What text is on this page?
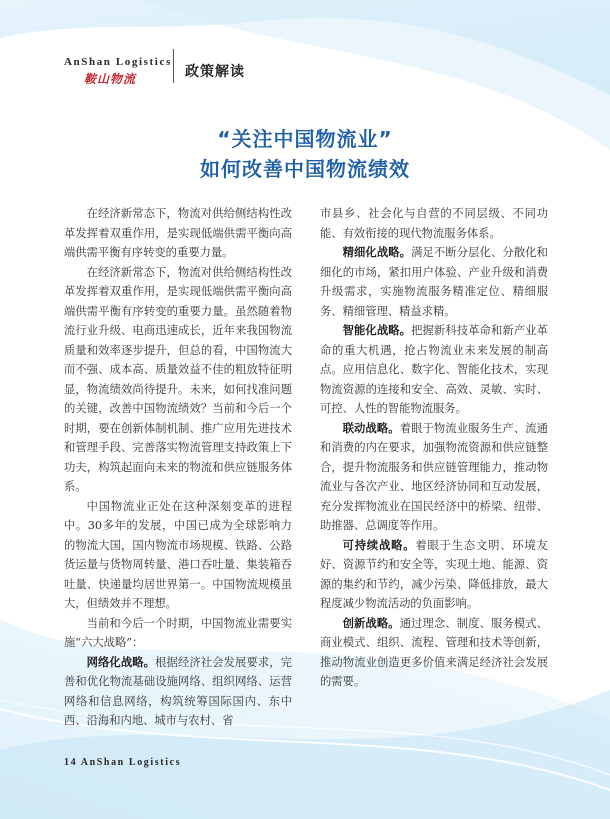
AnShan Logistics
鞍山物流	政策解读
“关注中国物流业”
如何改善中国物流绩效

在经济新常态下，物流对供给侧结构性改革发挥着双重作用，是实现低端供需平衡向高端供需平衡有序转变的重要力量。

在经济新常态下，物流对供给侧结构性改革发挥着双重作用，是实现低端供需平衡向高端供需平衡有序转变的重要力量。虽然随着物流行业升级、电商迅速成长，近年来我国物流质量和效率逐步提升，但总的看，中国物流大而不强、成本高、质量效益不佳的粗放特征明显，物流绩效尚待提升。未来，如何找准问题的关键，改善中国物流绩效？当前和今后一个时期，要在创新体制机制、推广应用先进技术和管理手段、完善落实物流管理支持政策上下功夫，构筑起面向未来的物流和供应链服务体系。

中国物流业正处在这种深刻变革的进程中。30多年的发展，中国已成为全球影响力的物流大国，国内物流市场规模、铁路、公路货运量与货物周转量、港口吞吐量、集装箱吞吐量、快递量均居世界第一。中国物流规模虽大，但绩效并不理想。

当前和今后一个时期，中国物流业需要实施“六大战略”：

网络化战略。根据经济社会发展要求，完善和优化物流基础设施网络、组织网络、运营网络和信息网络，构筑统筹国际国内、东中西、沿海和内地、城市与农村、省

市县乡、社会化与自营的不同层级、不同功能、有效衔接的现代物流服务体系。

精细化战略。满足不断分层化、分散化和细化的市场，紧扣用户体验、产业升级和消费升级需求，实施物流服务精准定位、精细服务、精细管理、精益求精。

智能化战略。把握新科技革命和新产业革命的重大机遇，抢占物流业未来发展的制高点。应用信息化、数字化、智能化技术，实现物流资源的连接和安全、高效、灵敏、实时、可控、人性的智能物流服务。

联动战略。着眼于物流业服务生产、流通和消费的内在要求，加强物流资源和供应链整合，提升物流服务和供应链管理能力，推动物流业与各次产业、地区经济协同和互动发展，充分发挥物流业在国民经济中的桥梁、纽带、助推器、总调度等作用。

可持续战略。着眼于生态文明、环境友好、资源节约和安全等，实现土地、能源、资源的集约和节约，减少污染、降低排放，最大程度减少物流活动的负面影响。

创新战略。通过理念、制度、服务模式、商业模式、组织、流程、管理和技术等创新，推动物流业创造更多价值来满足经济社会发展的需要。

14 AnShan Logistics
